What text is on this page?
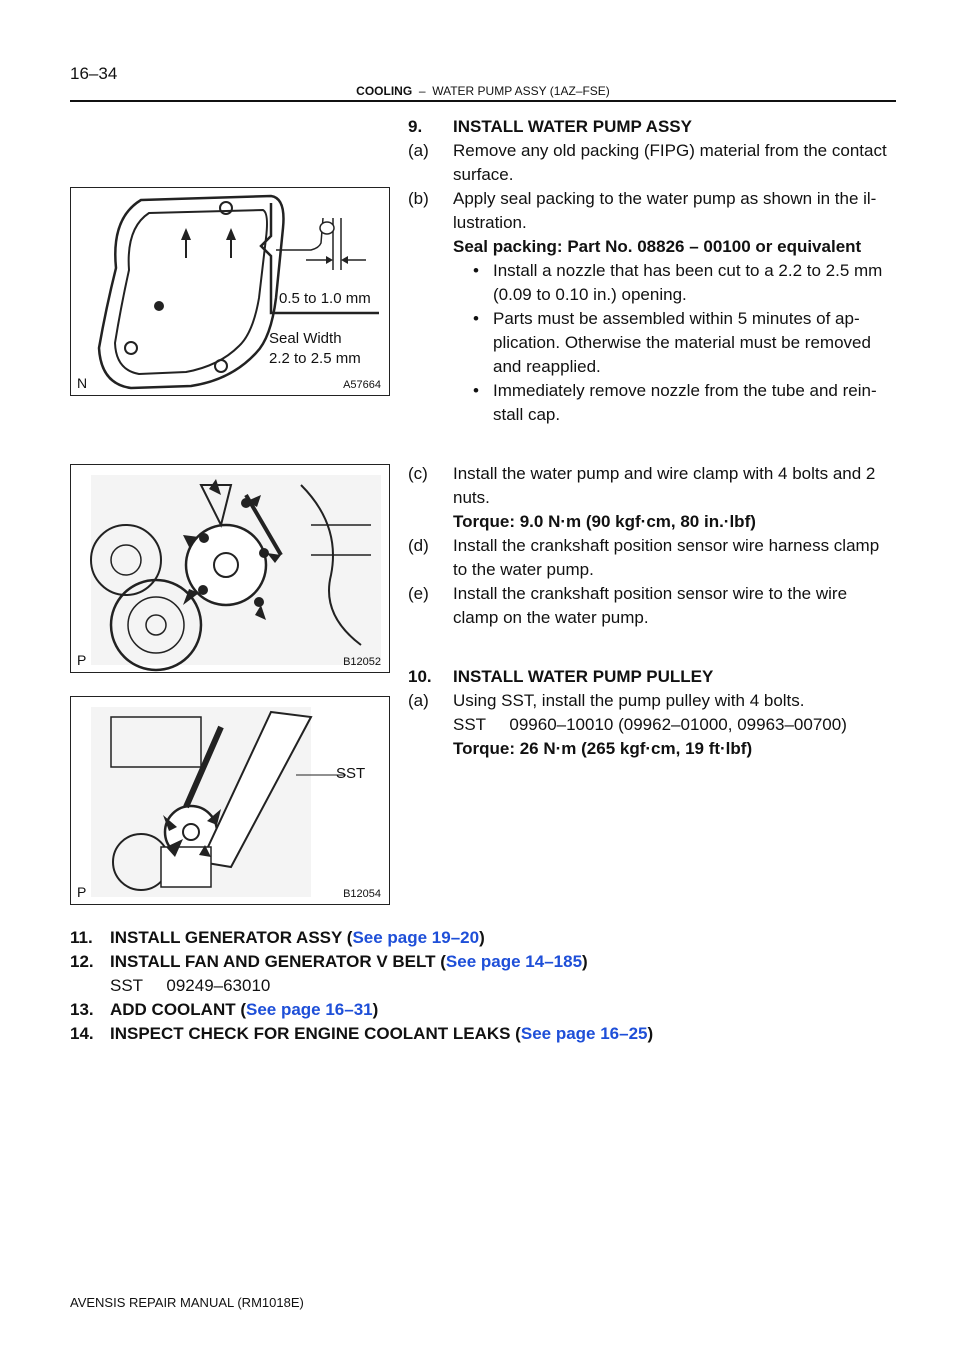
16–34
COOLING – WATER PUMP ASSY (1AZ–FSE)
0.5 to 1.0 mm
Seal Width
2.2 to 2.5 mm
N	A57664
P	B12052
SST
P	B12054
9. INSTALL WATER PUMP ASSY
(a) Remove any old packing (FIPG) material from the contact
surface.
(b) Apply seal packing to the water pump as shown in the il-
lustration.
Seal packing: Part No. 08826 – 00100 or equivalent
• Install a nozzle that has been cut to a 2.2 to 2.5 mm
(0.09 to 0.10 in.) opening.
• Parts must be assembled within 5 minutes of ap-
plication. Otherwise the material must be removed
and reapplied.
• Immediately remove nozzle from the tube and rein-
stall cap.
(c) Install the water pump and wire clamp with 4 bolts and 2
nuts.
Torque: 9.0 N·m (90 kgf·cm, 80 in.·lbf)
(d) Install the crankshaft position sensor wire harness clamp
to the water pump.
(e) Install the crankshaft position sensor wire to the wire
clamp on the water pump.
10. INSTALL WATER PUMP PULLEY
(a) Using SST, install the pump pulley with 4 bolts.
SST     09960–10010 (09962–01000, 09963–00700)
Torque: 26 N·m (265 kgf·cm, 19 ft·lbf)
11. INSTALL GENERATOR ASSY (See page 19–20)
12. INSTALL FAN AND GENERATOR V BELT (See page 14–185)
SST     09249–63010
13. ADD COOLANT (See page 16–31)
14. INSPECT CHECK FOR ENGINE COOLANT LEAKS (See page 16–25)
AVENSIS REPAIR MANUAL (RM1018E)
